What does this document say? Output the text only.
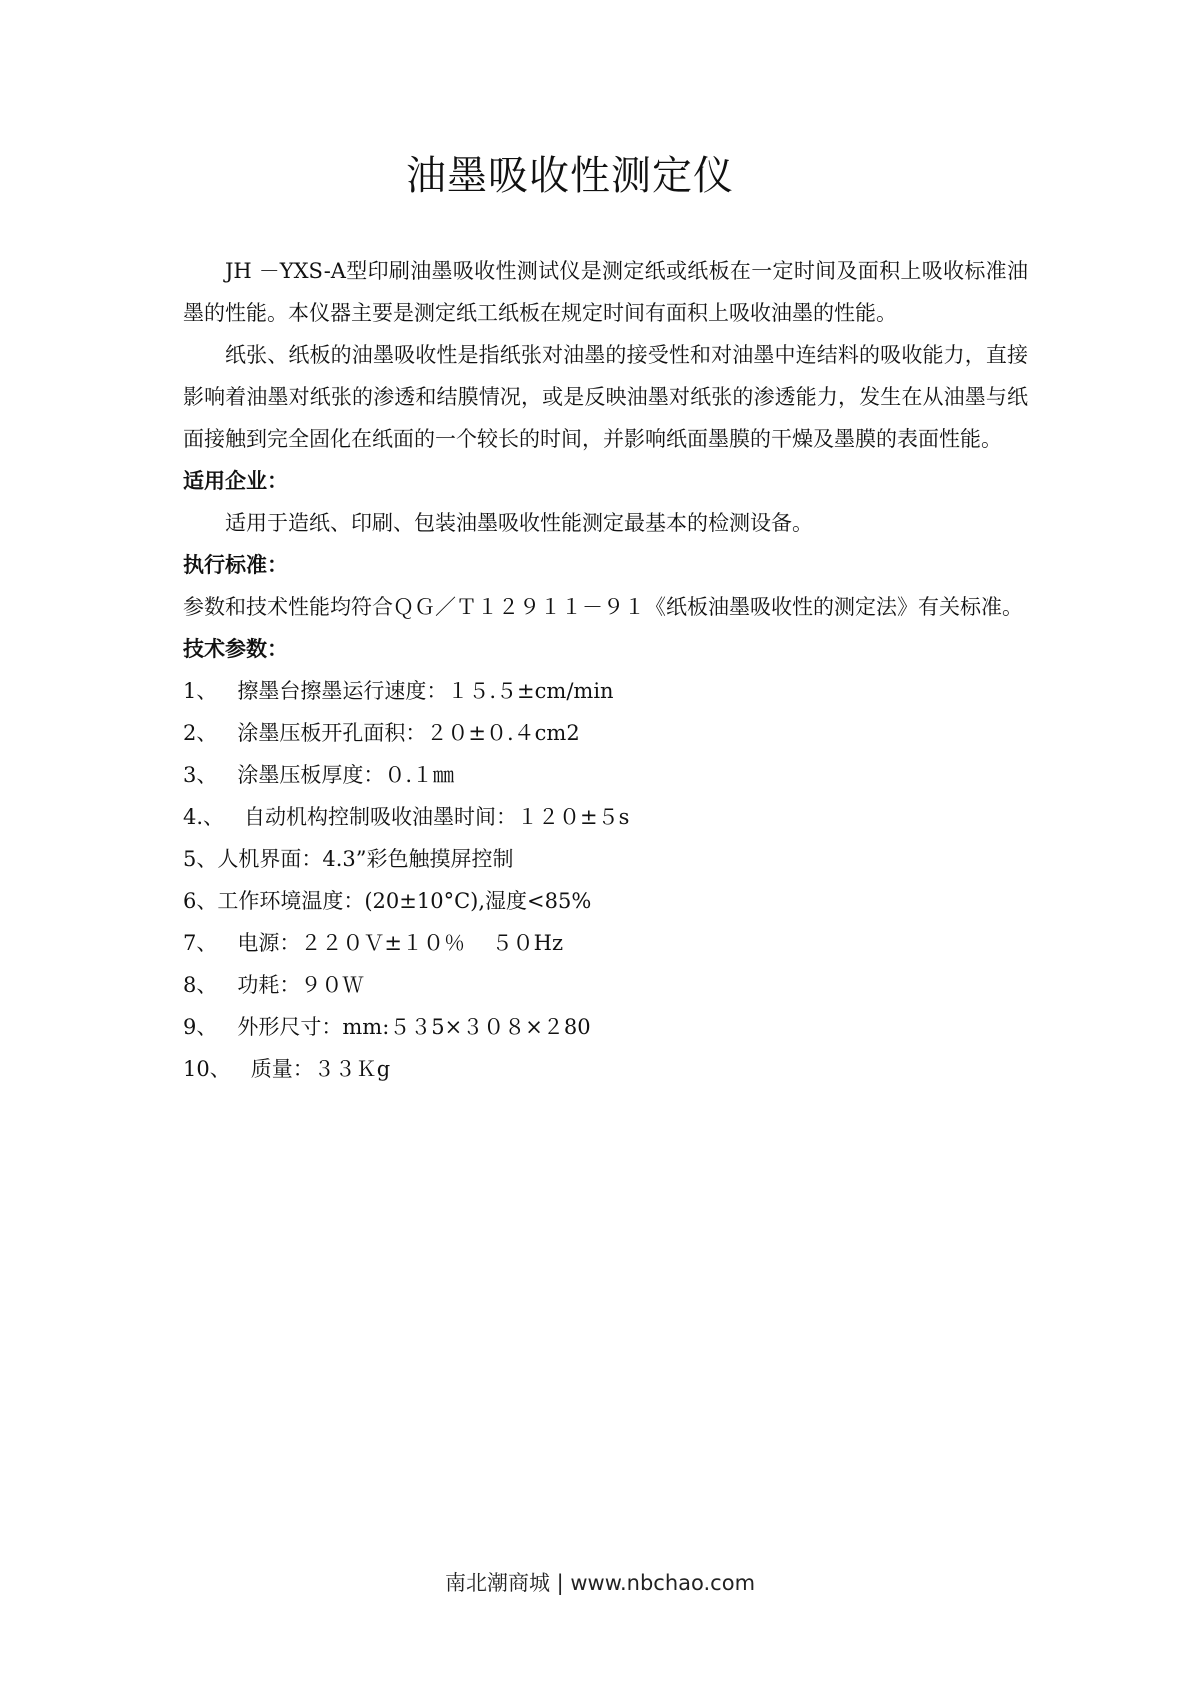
油墨吸收性测定仪

JH －YXS-A型印刷油墨吸收性测试仪是测定纸或纸板在一定时间及面积上吸收标准油墨的性能。本仪器主要是测定纸工纸板在规定时间有面积上吸收油墨的性能。

纸张、纸板的油墨吸收性是指纸张对油墨的接受性和对油墨中连结料的吸收能力，直接影响着油墨对纸张的渗透和结膜情况，或是反映油墨对纸张的渗透能力，发生在从油墨与纸面接触到完全固化在纸面的一个较长的时间，并影响纸面墨膜的干燥及墨膜的表面性能。

适用企业：

适用于造纸、印刷、包装油墨吸收性能测定最基本的检测设备。

执行标准：

参数和技术性能均符合ＱＧ／Ｔ１２９１１－９１《纸板油墨吸收性的测定法》有关标准。

技术参数：

1、   擦墨台擦墨运行速度：１５.５±cm/min
2、   涂墨压板开孔面积：２０±０.４cm2
3、   涂墨压板厚度：０.１㎜
4.、   自动机构控制吸收油墨时间：１２０±５s
5、人机界面：4.3”彩色触摸屏控制
6、工作环境温度：(20±10°C),湿度<85%
7、   电源：２２０Ｖ±１０％    ５０Hz
8、   功耗：９０Ｗ
9、   外形尺寸：mm:５３5×３０８×２80
10、   质量：３３Ｋg
南北潮商城 | www.nbchao.com
